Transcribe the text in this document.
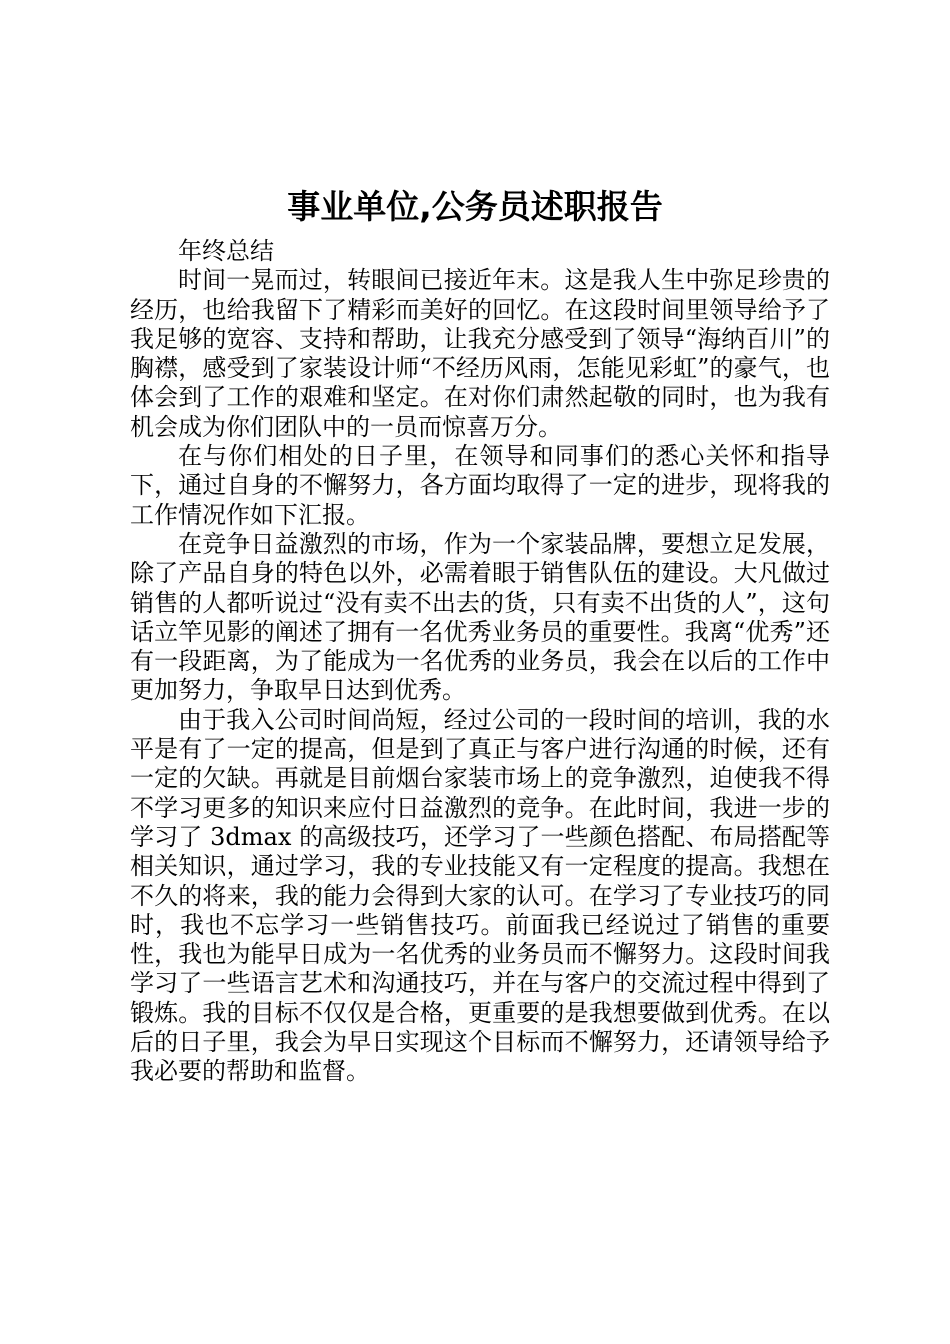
事业单位,公务员述职报告

年终总结

时间一晃而过，转眼间已接近年末。这是我人生中弥足珍贵的经历，也给我留下了精彩而美好的回忆。在这段时间里领导给予了我足够的宽容、支持和帮助，让我充分感受到了领导“海纳百川”的胸襟，感受到了家装设计师“不经历风雨，怎能见彩虹”的豪气，也体会到了工作的艰难和坚定。在对你们肃然起敬的同时，也为我有机会成为你们团队中的一员而惊喜万分。

在与你们相处的日子里，在领导和同事们的悉心关怀和指导下，通过自身的不懈努力，各方面均取得了一定的进步，现将我的工作情况作如下汇报。

在竞争日益激烈的市场，作为一个家装品牌，要想立足发展，除了产品自身的特色以外，必需着眼于销售队伍的建设。大凡做过销售的人都听说过“没有卖不出去的货，只有卖不出货的人”，这句话立竿见影的阐述了拥有一名优秀业务员的重要性。我离“优秀”还有一段距离，为了能成为一名优秀的业务员，我会在以后的工作中更加努力，争取早日达到优秀。

由于我入公司时间尚短，经过公司的一段时间的培训，我的水平是有了一定的提高，但是到了真正与客户进行沟通的时候，还有一定的欠缺。再就是目前烟台家装市场上的竞争激烈，迫使我不得不学习更多的知识来应付日益激烈的竞争。在此时间，我进一步的学习了 3dmax 的高级技巧，还学习了一些颜色搭配、布局搭配等相关知识，通过学习，我的专业技能又有一定程度的提高。我想在不久的将来，我的能力会得到大家的认可。在学习了专业技巧的同时，我也不忘学习一些销售技巧。前面我已经说过了销售的重要性，我也为能早日成为一名优秀的业务员而不懈努力。这段时间我学习了一些语言艺术和沟通技巧，并在与客户的交流过程中得到了锻炼。我的目标不仅仅是合格，更重要的是我想要做到优秀。在以后的日子里，我会为早日实现这个目标而不懈努力，还请领导给予我必要的帮助和监督。
